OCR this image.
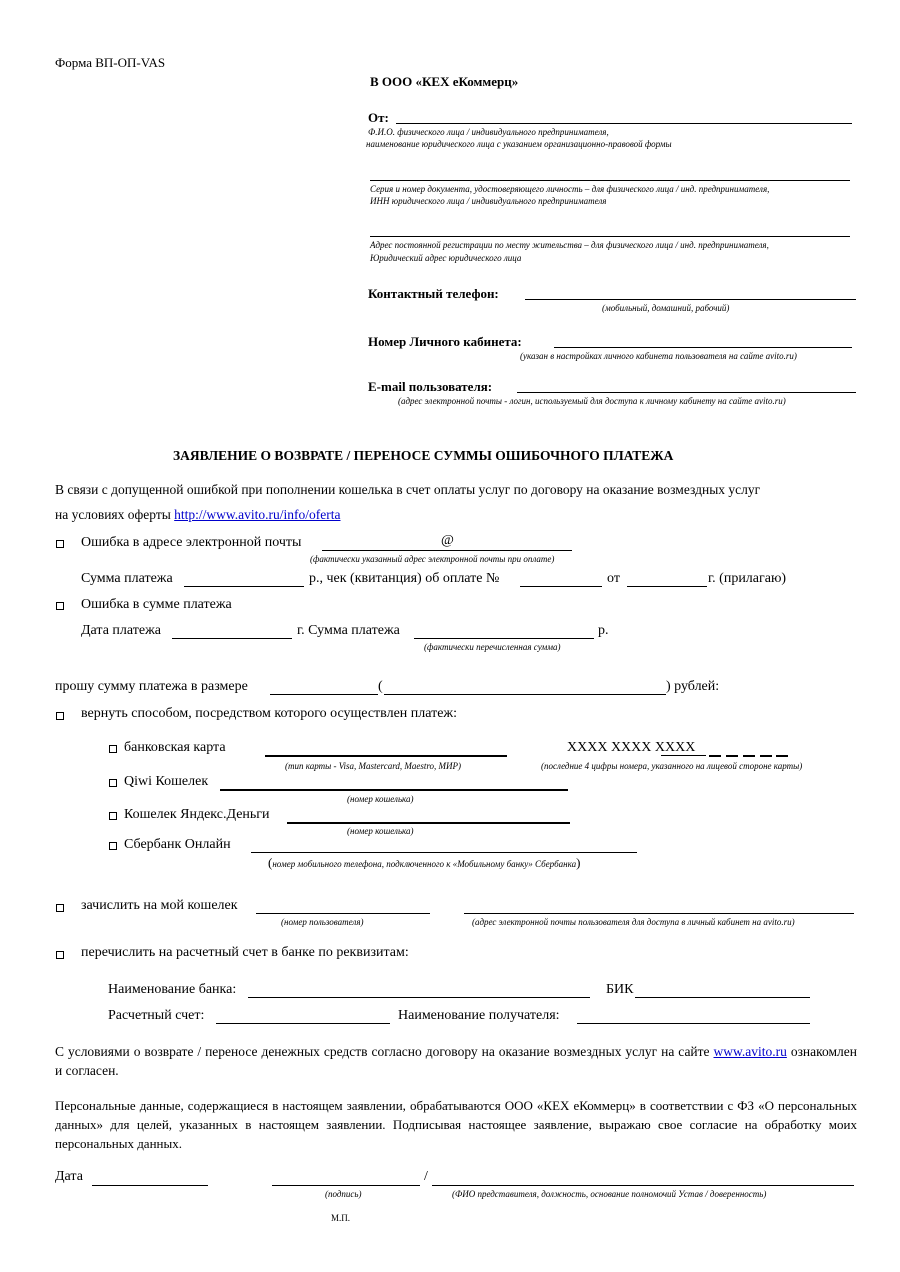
Форма ВП-ОП-VAS
В ООО «КЕХ еКоммерц»
От:
Ф.И.О. физического лица / индивидуального предпринимателя,
наименование юридического лица с указанием организационно-правовой формы
Серия и номер документа, удостоверяющего личность – для физического лица / инд. предпринимателя,
ИНН юридического лица / индивидуального предпринимателя
Адрес постоянной регистрации по месту жительства – для физического лица / инд. предпринимателя,
Юридический адрес юридического лица
Контактный телефон:
(мобильный, домашний, рабочий)
Номер Личного кабинета:
(указан в настройках личного кабинета пользователя на сайте avito.ru)
E-mail пользователя:
(адрес электронной почты - логин, используемый для доступа к личному кабинету на сайте avito.ru)
ЗАЯВЛЕНИЕ О ВОЗВРАТЕ / ПЕРЕНОСЕ СУММЫ ОШИБОЧНОГО ПЛАТЕЖА
В связи с допущенной ошибкой при пополнении кошелька в счет оплаты услуг по договору на оказание возмездных услуг
на условиях оферты http://www.avito.ru/info/oferta
Ошибка в адресе электронной почты	@
(фактически указанный адрес электронной почты при оплате)
Сумма платежа	р., чек (квитанция) об оплате №	от	г. (прилагаю)
Ошибка в сумме платежа
Дата платежа	г. Сумма платежа	р.
(фактически перечисленная сумма)
прошу сумму платежа в размере	(	) рублей:
вернуть способом, посредством которого осуществлен платеж:
банковская карта
(тип карты - Visa, Mastercard, Maestro, МИР)
XXXX XXXX XXXX
(последние 4 цифры номера, указанного на лицевой стороне карты)
Qiwi Кошелек
(номер кошелька)
Кошелек Яндекс.Деньги
(номер кошелька)
Сбербанк Онлайн
(номер мобильного телефона, подключенного к «Мобильному банку» Сбербанка)
зачислить на мой кошелек
(номер пользователя)	(адрес электронной почты пользователя для доступа в личный кабинет на avito.ru)
перечислить на расчетный счет в банке по реквизитам:
Наименование банка:	БИК
Расчетный счет:	Наименование получателя:
С условиями о возврате / переносе денежных средств согласно договору на оказание возмездных услуг на сайте www.avito.ru ознакомлен и согласен.
Персональные данные, содержащиеся в настоящем заявлении, обрабатываются ООО «КЕХ еКоммерц» в соответствии с ФЗ «О персональных данных» для целей, указанных в настоящем заявлении. Подписывая настоящее заявление, выражаю свое согласие на обработку моих персональных данных.
Дата	/
(подпись)	(ФИО представителя, должность, основание полномочий Устав / доверенность)
М.П.
